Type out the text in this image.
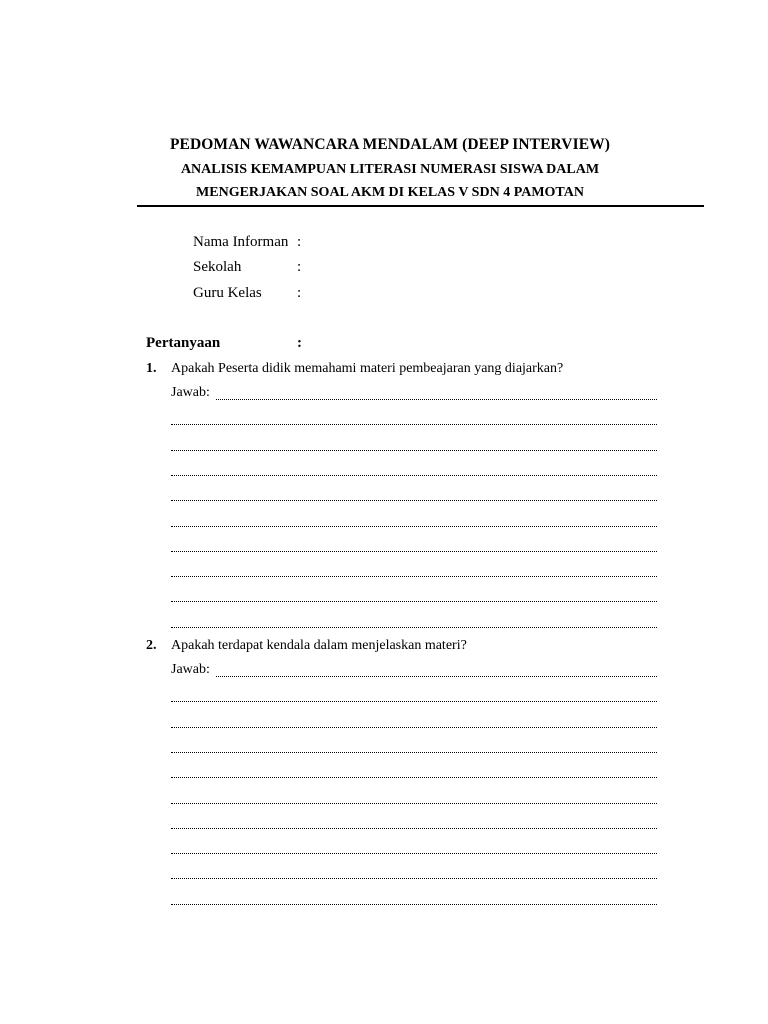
PEDOMAN WAWANCARA MENDALAM (DEEP INTERVIEW)
ANALISIS KEMAMPUAN LITERASI NUMERASI SISWA DALAM
MENGERJAKAN SOAL AKM DI KELAS V SDN 4 PAMOTAN
Nama Informan :
Sekolah	:
Guru Kelas :
Pertanyaan	:
1. Apakah Peserta didik memahami materi pembeajaran yang diajarkan?
Jawab:
2. Apakah terdapat kendala dalam menjelaskan materi?
Jawab:
